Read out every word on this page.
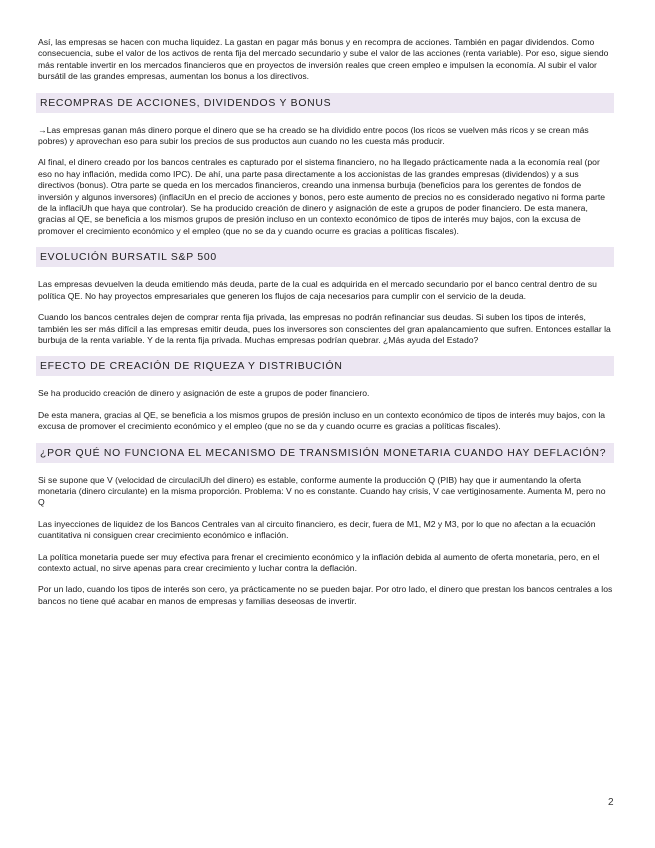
Así, las empresas se hacen con mucha liquidez. La gastan en pagar más bonus y en recompra de acciones. También en pagar dividendos. Como consecuencia, sube el valor de los activos de renta fija del mercado secundario y sube el valor de las acciones (renta variable). Por eso, sigue siendo más rentable invertir en los mercados financieros que en proyectos de inversión reales que creen empleo e impulsen la economía. Al subir el valor bursátil de las grandes empresas, aumentan los bonus a los directivos.

RECOMPRAS DE ACCIONES, DIVIDENDOS Y BONUS

→Las empresas ganan más dinero porque el dinero que se ha creado se ha dividido entre pocos (los ricos se vuelven más ricos y se crean más pobres) y aprovechan eso para subir los precios de sus productos aun cuando no les cuesta más producir.

Al final, el dinero creado por los bancos centrales es capturado por el sistema financiero, no ha llegado prácticamente nada a la economía real (por eso no hay inflación, medida como IPC). De ahí, una parte pasa directamente a los accionistas de las grandes empresas (dividendos) y a sus directivos (bonus). Otra parte se queda en los mercados financieros, creando una inmensa burbuja (beneficios para los gerentes de fondos de inversión y algunos inversores) (inflaciUn en el precio de acciones y bonos, pero este aumento de precios no es considerado negativo ni forma parte de la inflaciUh que haya que controlar). Se ha producido creación de dinero y asignación de este a grupos de poder financiero. De esta manera, gracias al QE, se beneficia a los mismos grupos de presión incluso en un contexto económico de tipos de interés muy bajos, con la excusa de promover el crecimiento económico y el empleo (que no se da y cuando ocurre es gracias a políticas fiscales).

EVOLUCIÓN BURSATIL S&P 500

Las empresas devuelven la deuda emitiendo más deuda, parte de la cual es adquirida en el mercado secundario por el banco central dentro de su política QE. No hay proyectos empresariales que generen los flujos de caja necesarios para cumplir con el servicio de la deuda.

Cuando los bancos centrales dejen de comprar renta fija privada, las empresas no podrán refinanciar sus deudas. Si suben los tipos de interés, también les ser más difícil a las empresas emitir deuda, pues los inversores son conscientes del gran apalancamiento que sufren. Entonces estallar la burbuja de la renta variable. Y de la renta fija privada. Muchas empresas podrían quebrar. ¿Más ayuda del Estado?

EFECTO DE CREACIÓN DE RIQUEZA Y DISTRIBUCIÓN

Se ha producido creación de dinero y asignación de este a grupos de poder financiero.

De esta manera, gracias al QE, se beneficia a los mismos grupos de presión incluso en un contexto económico de tipos de interés muy bajos, con la excusa de promover el crecimiento económico y el empleo (que no se da y cuando ocurre es gracias a políticas fiscales).

¿POR QUÉ NO FUNCIONA EL MECANISMO DE TRANSMISIÓN MONETARIA CUANDO HAY DEFLACIÓN?

Si se supone que V (velocidad de circulaciUh del dinero) es estable, conforme aumente la producción Q (PIB) hay que ir aumentando la oferta monetaria (dinero circulante) en la misma proporción. Problema: V no es constante. Cuando hay crisis, V cae vertiginosamente. Aumenta M, pero no Q

Las inyecciones de liquidez de los Bancos Centrales van al circuito financiero, es decir, fuera de M1, M2 y M3, por lo que no afectan a la ecuación cuantitativa ni consiguen crear crecimiento económico e inflación.

La política monetaria puede ser muy efectiva para frenar el crecimiento económico y la inflación debida al aumento de oferta monetaria, pero, en el contexto actual, no sirve apenas para crear crecimiento y luchar contra la deflación.

Por un lado, cuando los tipos de interés son cero, ya prácticamente no se pueden bajar. Por otro lado, el dinero que prestan los bancos centrales a los bancos no tiene qué acabar en manos de empresas y familias deseosas de invertir.

2
